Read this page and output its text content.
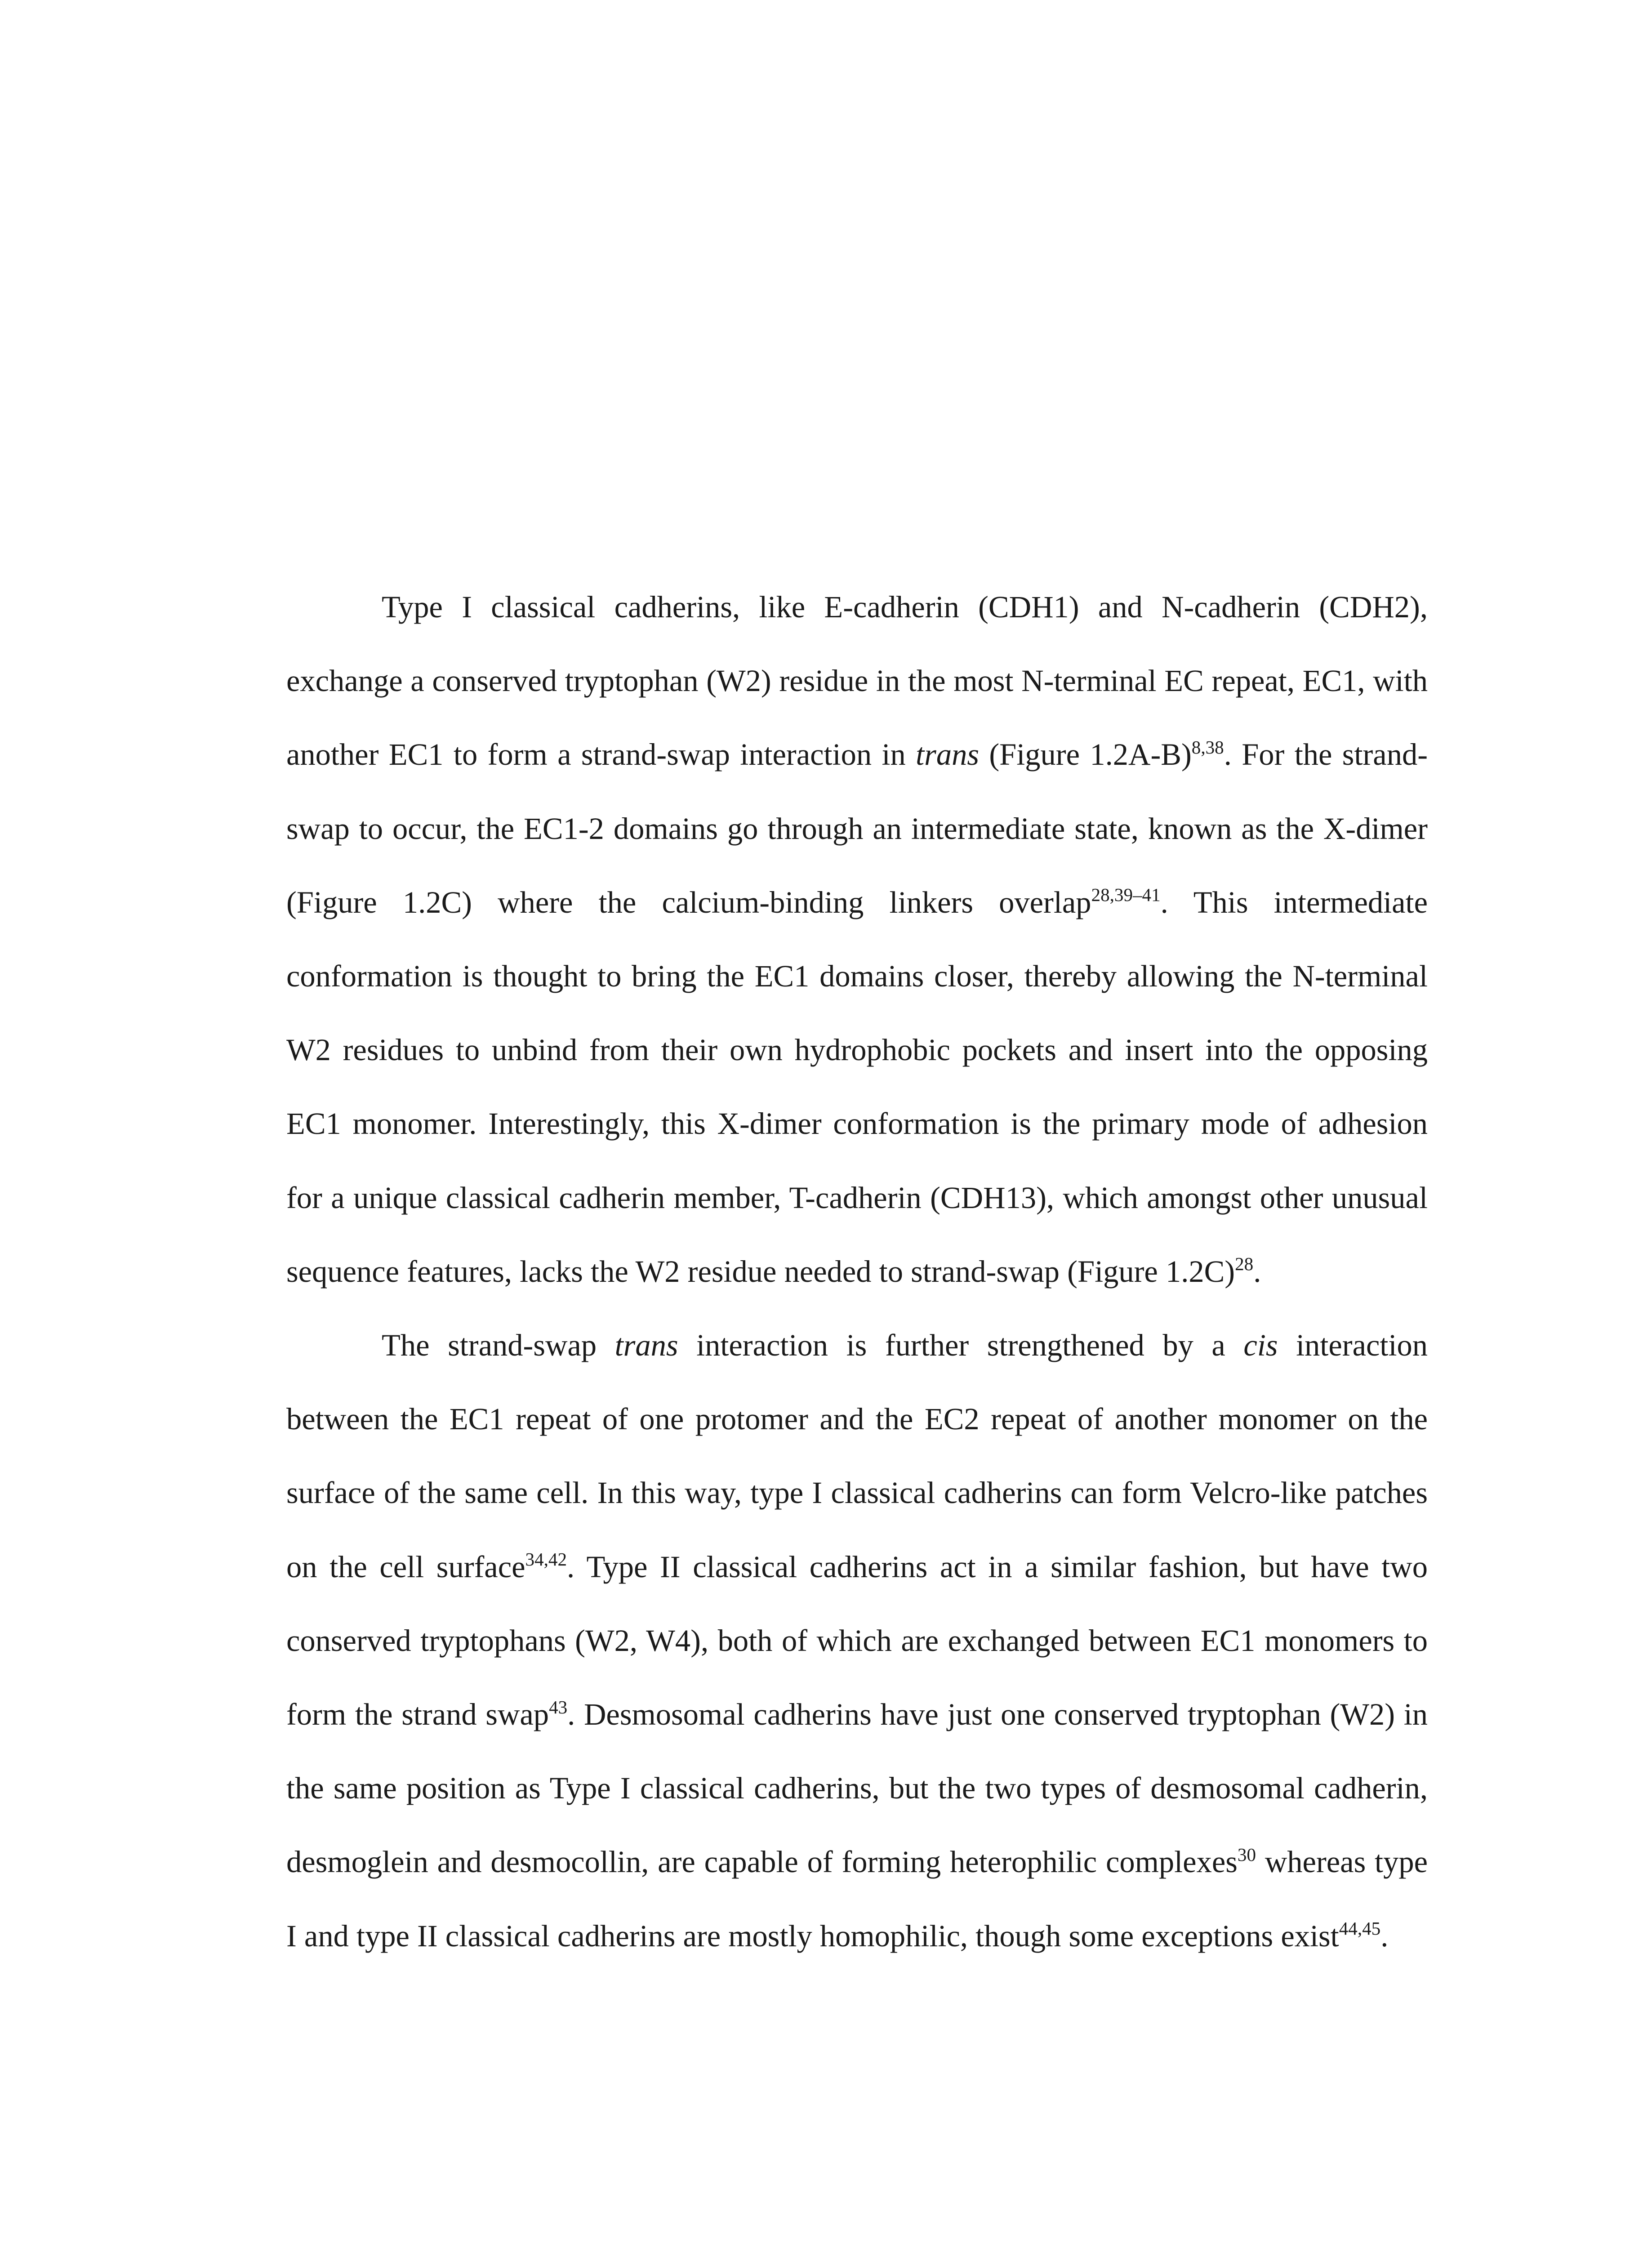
Type I classical cadherins, like E-cadherin (CDH1) and N-cadherin (CDH2), exchange a conserved tryptophan (W2) residue in the most N-terminal EC repeat, EC1, with another EC1 to form a strand-swap interaction in trans (Figure 1.2A-B)$^{8,38}$. For the strand-swap to occur, the EC1-2 domains go through an intermediate state, known as the X-dimer (Figure 1.2C) where the calcium-binding linkers overlap$^{28,39-41}$. This intermediate conformation is thought to bring the EC1 domains closer, thereby allowing the N-terminal W2 residues to unbind from their own hydrophobic pockets and insert into the opposing EC1 monomer. Interestingly, this X-dimer conformation is the primary mode of adhesion for a unique classical cadherin member, T-cadherin (CDH13), which amongst other unusual sequence features, lacks the W2 residue needed to strand-swap (Figure 1.2C)$^{28}$.

The strand-swap trans interaction is further strengthened by a cis interaction between the EC1 repeat of one protomer and the EC2 repeat of another monomer on the surface of the same cell. In this way, type I classical cadherins can form Velcro-like patches on the cell surface$^{34,42}$. Type II classical cadherins act in a similar fashion, but have two conserved tryptophans (W2, W4), both of which are exchanged between EC1 monomers to form the strand swap$^{43}$. Desmosomal cadherins have just one conserved tryptophan (W2) in the same position as Type I classical cadherins, but the two types of desmosomal cadherin, desmoglein and desmocollin, are capable of forming heterophilic complexes$^{30}$ whereas type I and type II classical cadherins are mostly homophilic, though some exceptions exist$^{44,45}$.
